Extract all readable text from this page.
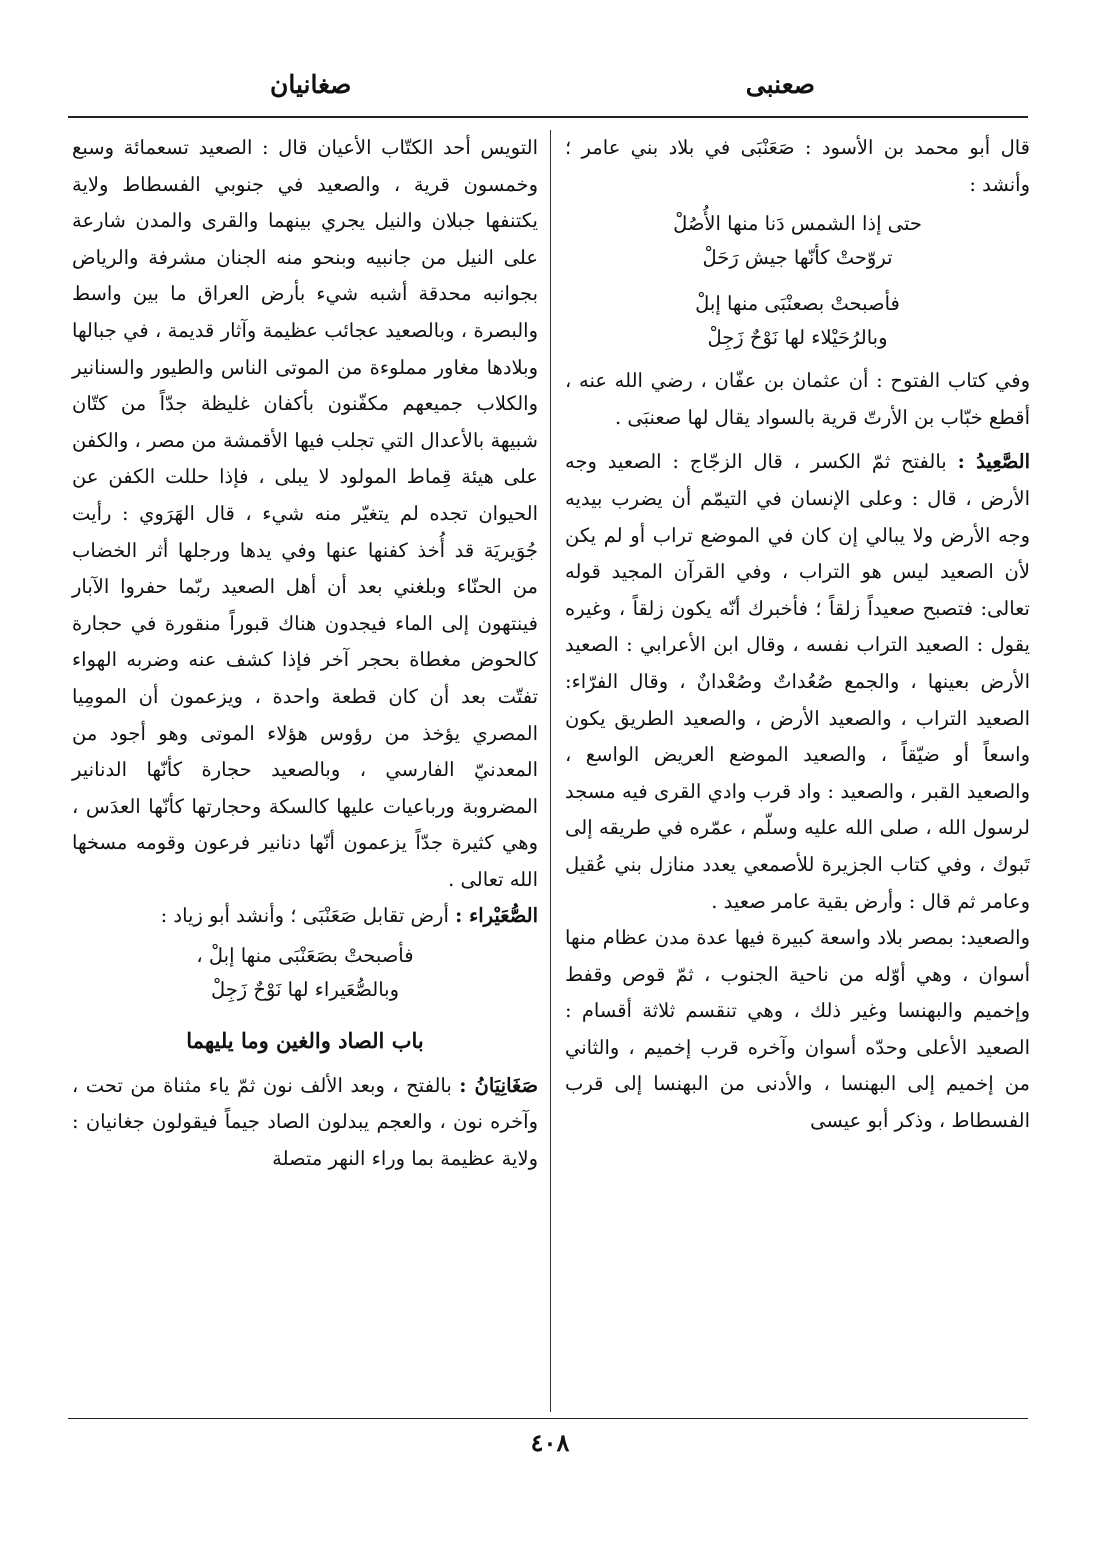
صعنبى
صغانيان

قال أبو محمد بن الأسود : صَعَنْبَى في بلاد بني عامر ؛ وأنشد :

حتى إذا الشمس دَنا منها الأُصُلْ
تروّحتْ كأنّها جيش رَحَلْ
فأصبحتْ بصعنْبَى منها إبلْ
وبالرُحَيْلاء لها نَوْحٌ زَجِلْ

وفي كتاب الفتوح : أن عثمان بن عفّان ، رضي الله عنه ، أقطع خبّاب بن الأرتّ قرية بالسواد يقال لها صعنبَى .

الصَّعِيدُ : بالفتح ثمّ الكسر ، قال الزجّاج : الصعيد وجه الأرض ، قال : وعلى الإنسان في التيمّم أن يضرب بيديه وجه الأرض ولا يبالي إن كان في الموضع تراب أو لم يكن لأن الصعيد ليس هو التراب ، وفي القرآن المجيد قوله تعالى: فتصبح صعيداً زلقاً ؛ فأخبرك أنّه يكون زلقاً ، وغيره يقول : الصعيد التراب نفسه ، وقال ابن الأعرابي : الصعيد الأرض بعينها ، والجمع صُعُداتٌ وصُعْدانٌ ، وقال الفرّاء: الصعيد التراب ، والصعيد الأرض ، والصعيد الطريق يكون واسعاً أو ضيّقاً ، والصعيد الموضع العريض الواسع ، والصعيد القبر ، والصعيد : واد قرب وادي القرى فيه مسجد لرسول الله ، صلى الله عليه وسلّم ، عمّره في طريقه إلى تَبوك ، وفي كتاب الجزيرة للأصمعي يعدد منازل بني عُقيل وعامر ثم قال : وأرض بقية عامر صعيد .

والصعيد: بمصر بلاد واسعة كبيرة فيها عدة مدن عظام منها أسوان ، وهي أوّله من ناحية الجنوب ، ثمّ قوص وقفط وإخميم والبهنسا وغير ذلك ، وهي تنقسم ثلاثة أقسام : الصعيد الأعلى وحدّه أسوان وآخره قرب إخميم ، والثاني من إخميم إلى البهنسا ، والأدنى من البهنسا إلى قرب الفسطاط ، وذكر أبو عيسى

التويس أحد الكتّاب الأعيان قال : الصعيد تسعمائة وسبع وخمسون قرية ، والصعيد في جنوبي الفسطاط ولاية يكتنفها جبلان والنيل يجري بينهما والقرى والمدن شارعة على النيل من جانبيه وبنحو منه الجنان مشرفة والرياض بجوانبه محدقة أشبه شيء بأرض العراق ما بين واسط والبصرة ، وبالصعيد عجائب عظيمة وآثار قديمة ، في جبالها وبلادها مغاور مملوءة من الموتى الناس والطيور والسنانير والكلاب جميعهم مكفّنون بأكفان غليظة جدّاً من كتّان شبيهة بالأعدال التي تجلب فيها الأقمشة من مصر ، والكفن على هيئة قِماط المولود لا يبلى ، فإذا حللت الكفن عن الحيوان تجده لم يتغيّر منه شيء ، قال الهَرَوي : رأيت جُوَيريَة قد أُخذ كفنها عنها وفي يدها ورجلها أثر الخضاب من الحنّاء وبلغني بعد أن أهل الصعيد ربّما حفروا الآبار فينتهون إلى الماء فيجدون هناك قبوراً منقورة في حجارة كالحوض مغطاة بحجر آخر فإذا كشف عنه وضربه الهواء تفتّت بعد أن كان قطعة واحدة ، ويزعمون أن المومِيا المصري يؤخذ من رؤوس هؤلاء الموتى وهو أجود من المعدنيّ الفارسي ، وبالصعيد حجارة كأنّها الدنانير المضروبة ورباعيات عليها كالسكة وحجارتها كأنّها العدَس ، وهي كثيرة جدّاً يزعمون أنّها دنانير فرعون وقومه مسخها الله تعالى .

الصُّعَيْراء : أرض تقابل صَعَنْبَى ؛ وأنشد أبو زياد :

فأصبحتْ بصَعَنْبَى منها إبلْ ،
وبالصُّعَيراء لها نَوْحٌ زَجِلْ
باب الصاد والغين وما يليهما

صَغَانِيَانُ : بالفتح ، وبعد الألف نون ثمّ ياء مثناة من تحت ، وآخره نون ، والعجم يبدلون الصاد جيماً فيقولون جغانيان : ولاية عظيمة بما وراء النهر متصلة

٤٠٨
